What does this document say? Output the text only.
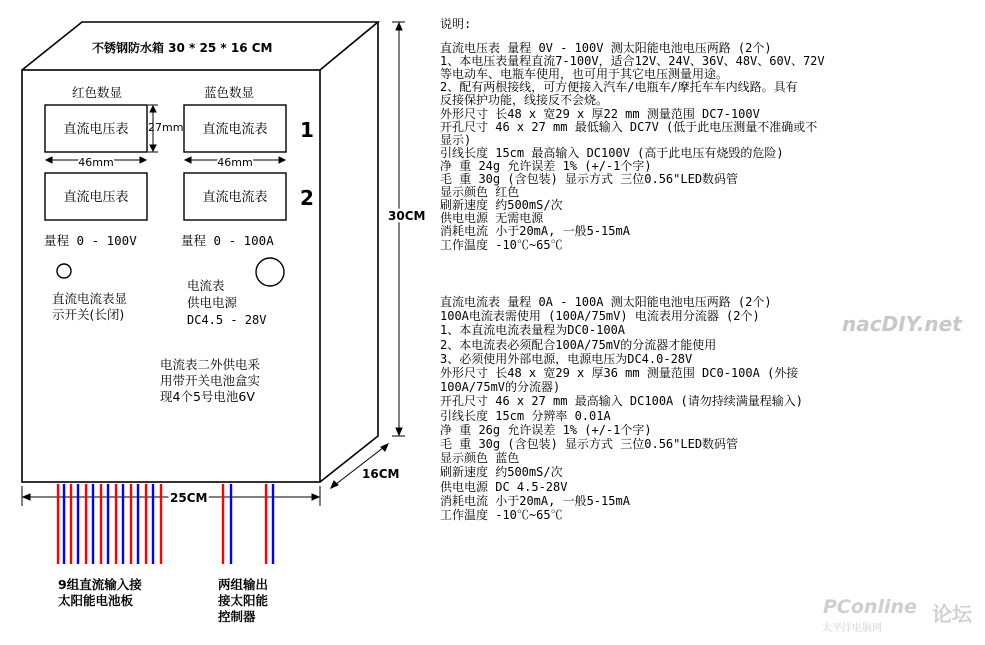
不锈钢防水箱 30 * 25 * 16 CM
红色数显	蓝色数显
直流电压表	直流电流表 1
27mm
46mm	46mm
直流电压表	直流电流表 2
量程 0 - 100V	量程 0 - 100A
直流电流表显
示开关(长闭)
电流表
供电电源
DC4.5 - 28V
电流表二外供电釆
用带开关电池盒实
现4个5号电池6V
30CM
16CM
25CM
9组直流输入接
太阳能电池板
两组输出
接太阳能
控制器
说明:
直流电压表 量程 0V - 100V 测太阳能电池电压两路 (2个)
1、本电压表量程直流7-100V，适合12V、24V、36V、48V、60V、72V
等电动车、电瓶车使用，也可用于其它电压测量用途。
2、配有两根接线，可方便接入汽车/电瓶车/摩托车车内线路。具有
反接保护功能，线接反不会烧。
外形尺寸 长48 x 宽29 x 厚22 mm 测量范围 DC7-100V
开孔尺寸 46 x 27 mm 最低输入 DC7V (低于此电压测量不准确或不
显示)
引线长度 15cm 最高输入 DC100V (高于此电压有烧毁的危险)
净 重 24g 允许误差 1% (+/-1个字)
毛 重 30g (含包装) 显示方式 三位0.56"LED数码管
显示颜色 红色
刷新速度 约500mS/次
供电电源 无需电源
消耗电流 小于20mA, 一般5-15mA
工作温度 -10℃~65℃
直流电流表 量程 0A - 100A 测太阳能电池电压两路 (2个)
100A电流表需使用 (100A/75mV) 电流表用分流器 (2个)
1、本直流电流表量程为DC0-100A
2、本电流表必须配合100A/75mV的分流器才能使用
3、必须使用外部电源，电源电压为DC4.0-28V
外形尺寸 长48 x 宽29 x 厚36 mm 测量范围 DC0-100A (外接
100A/75mV的分流器)
开孔尺寸 46 x 27 mm 最高输入 DC100A (请勿持续满量程输入)
引线长度 15cm 分辨率 0.01A
净 重 26g 允许误差 1% (+/-1个字)
毛 重 30g (含包装) 显示方式 三位0.56"LED数码管
显示颜色 蓝色
刷新速度 约500mS/次
供电电源 DC 4.5-28V
消耗电流 小于20mA, 一般5-15mA
工作温度 -10℃~65℃
nacDIY.net
PConline
太平洋电脑网
论坛
